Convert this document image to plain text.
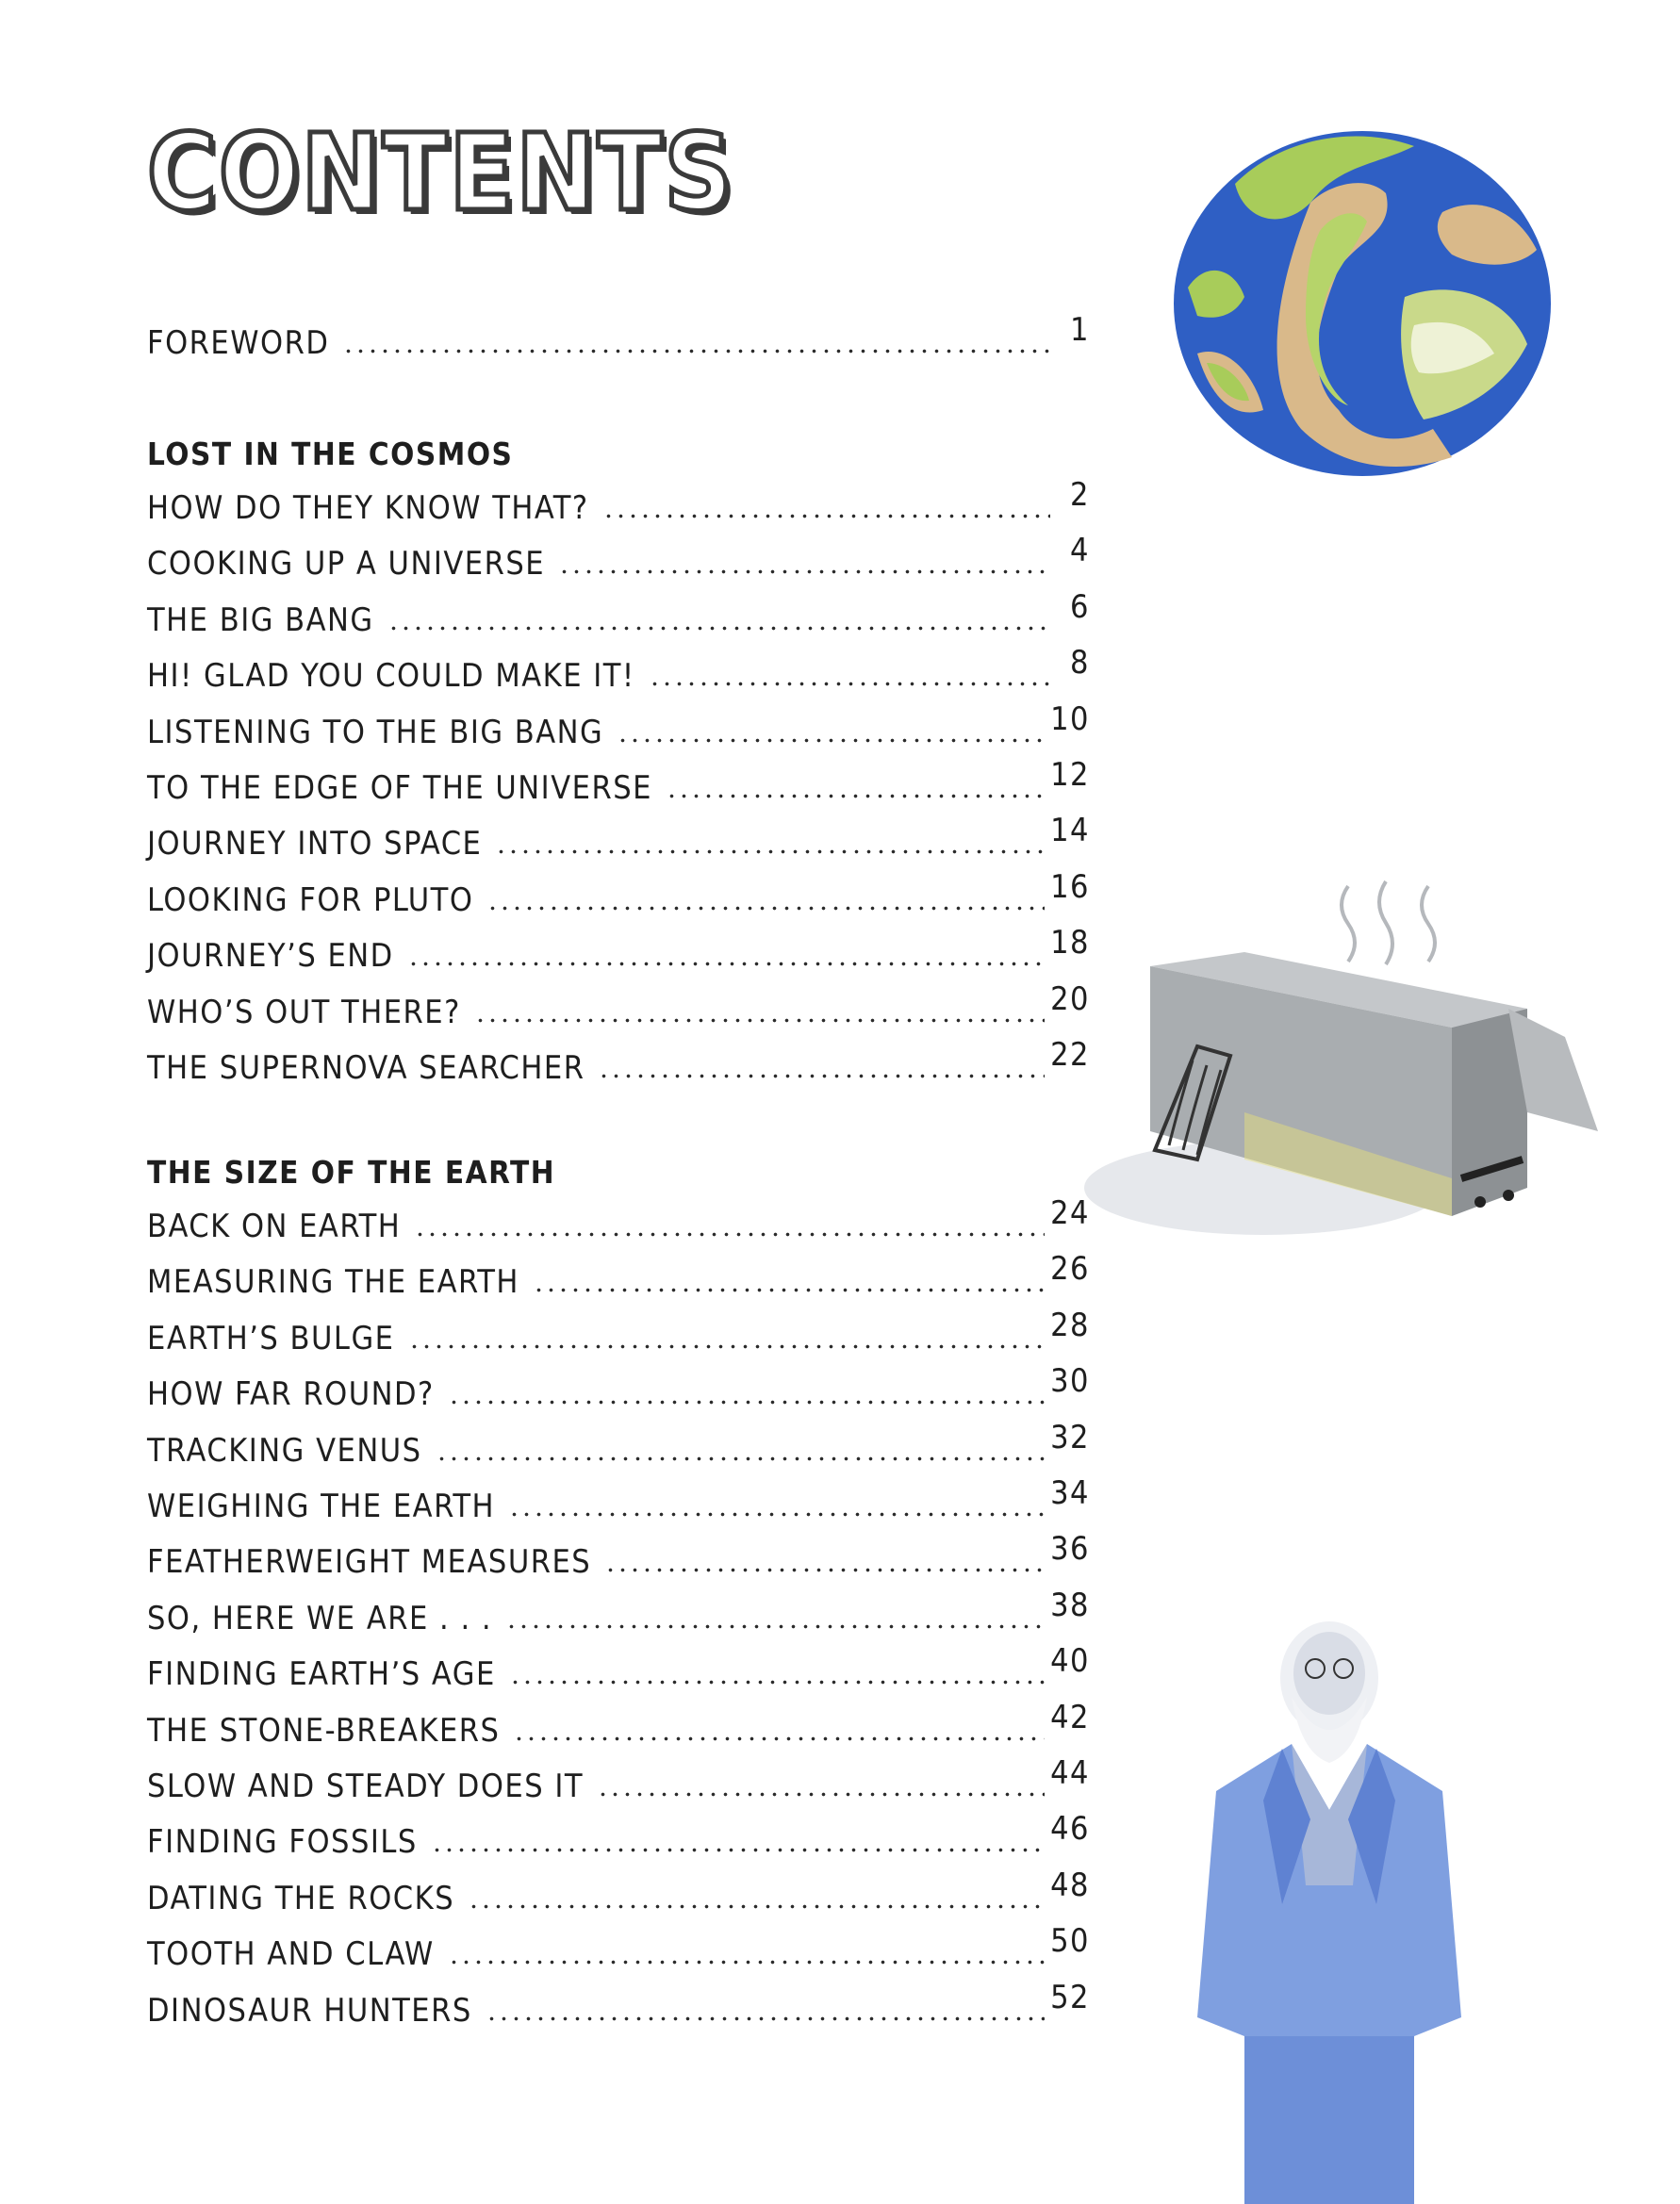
CONTENTS
FOREWORD	1
LOST IN THE COSMOS
HOW DO THEY KNOW THAT?	2
COOKING UP A UNIVERSE	4
THE BIG BANG	6
HI! GLAD YOU COULD MAKE IT!	8
LISTENING TO THE BIG BANG	10
TO THE EDGE OF THE UNIVERSE	12
JOURNEY INTO SPACE	14
LOOKING FOR PLUTO	16
JOURNEY’S END	18
WHO’S OUT THERE?	20
THE SUPERNOVA SEARCHER	22
THE SIZE OF THE EARTH
BACK ON EARTH	24
MEASURING THE EARTH	26
EARTH’S BULGE	28
HOW FAR ROUND?	30
TRACKING VENUS	32
WEIGHING THE EARTH	34
FEATHERWEIGHT MEASURES	36
SO, HERE WE ARE . . .	38
FINDING EARTH’S AGE	40
THE STONE-BREAKERS	42
SLOW AND STEADY DOES IT	44
FINDING FOSSILS	46
DATING THE ROCKS	48
TOOTH AND CLAW	50
DINOSAUR HUNTERS	52
